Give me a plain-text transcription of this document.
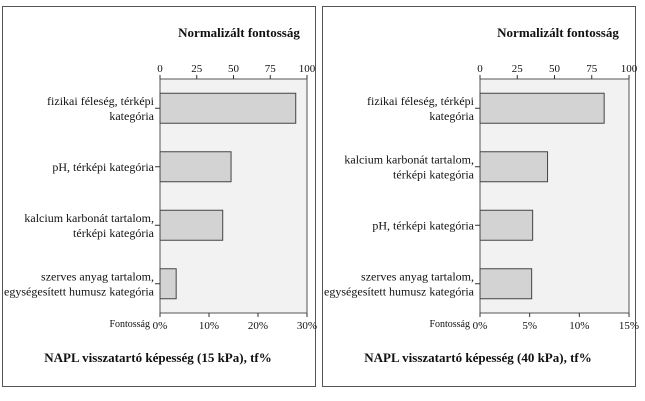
Normalizált fontosság
0	25 50 75 100
0%	10%	20%	30%
Fontosság
fizikai féleség, térképi
kategória
pH, térképi kategória
kalcium karbonát tartalom,
térképi kategória
szerves anyag tartalom,
egységesített humusz kategória
NAPL visszatartó képesség (15 kPa), tf%
Normalizált fontosság
0	25 50 75 100
0%	5%	10%	15%
Fontosság
fizikai féleség, térképi
kategória
kalcium karbonát tartalom,
térképi kategória
pH, térképi kategória
szerves anyag tartalom,
egységesített humusz kategória
NAPL visszatartó képesség (40 kPa), tf%
